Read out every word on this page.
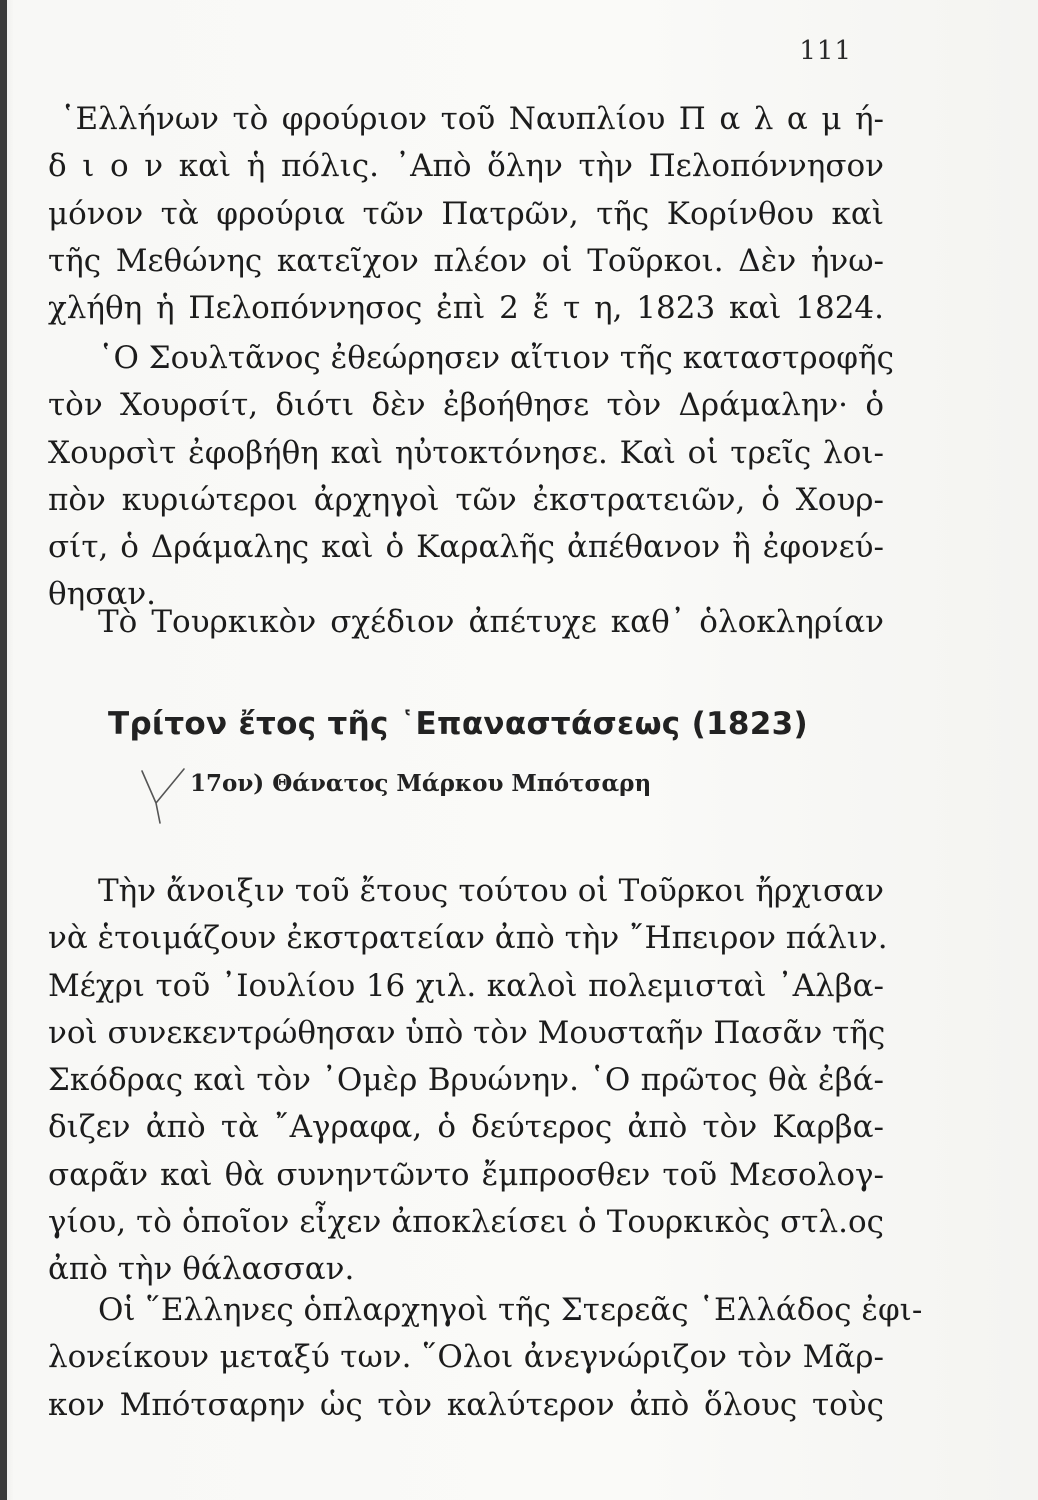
111
῾Ελλήνων τὸ φρούριον τοῦ Ναυπλίου Π α λ α μ ή-
δ ι ο ν καὶ ἡ πόλις. ᾿Απὸ ὅλην τὴν Πελοπόννησον
μόνον τὰ φρούρια τῶν Πατρῶν, τῆς Κορίνθου καὶ
τῆς Μεθώνης κατεῖχον πλέον οἱ Τοῦρκοι. Δὲν ἠνω-
χλήθη ἡ Πελοπόννησος ἐπὶ 2 ἔ τ η, 1823 καὶ 1824.
῾Ο Σουλτᾶνος ἐθεώρησεν αἴτιον τῆς καταστροφῆς
τὸν Χουρσίτ, διότι δὲν ἐβοήθησε τὸν Δράμαλην· ὁ
Χουρσὶτ ἐφοβήθη καὶ ηὐτοκτόνησε. Καὶ οἱ τρεῖς λοι-
πὸν κυριώτεροι ἀρχηγοὶ τῶν ἐκστρατειῶν, ὁ Χουρ-
σίτ, ὁ Δράμαλης καὶ ὁ Καραλῆς ἀπέθανον ἢ ἐφονεύ-
θησαν.
Τὸ Τουρκικὸν σχέδιον ἀπέτυχε καθ᾿ ὁλοκληρίαν
Τρίτον ἔτος τῆς ῾Επαναστάσεως (1823)
17ον) Θάνατος Μάρκου Μπότσαρη
Τὴν ἄνοιξιν τοῦ ἔτους τούτου οἱ Τοῦρκοι ἤρχισαν
νὰ ἑτοιμάζουν ἐκστρατείαν ἀπὸ τὴν ῎Ηπειρον πάλιν.
Μέχρι τοῦ ᾿Ιουλίου 16 χιλ. καλοὶ πολεμισταὶ ᾿Αλβα-
νοὶ συνεκεντρώθησαν ὑπὸ τὸν Μουσταῆν Πασᾶν τῆς
Σκόδρας καὶ τὸν ᾿Ομὲρ Βρυώνην. ῾Ο πρῶτος θὰ ἐβά-
διζεν ἀπὸ τὰ ῎Αγραφα, ὁ δεύτερος ἀπὸ τὸν Καρβα-
σαρᾶν καὶ θὰ συνηντῶντο ἔμπροσθεν τοῦ Μεσολογ-
γίου, τὸ ὁποῖον εἶχεν ἀποκλείσει ὁ Τουρκικὸς στλ.ος
ἀπὸ τὴν θάλασσαν.
Οἱ ῞Ελληνες ὁπλαρχηγοὶ τῆς Στερεᾶς ῾Ελλάδος ἐφι-
λονείκουν μεταξύ των. ῞Ολοι ἀνεγνώριζον τὸν Μᾶρ-
κον Μπότσαρην ὡς τὸν καλύτερον ἀπὸ ὅλους τοὺς
